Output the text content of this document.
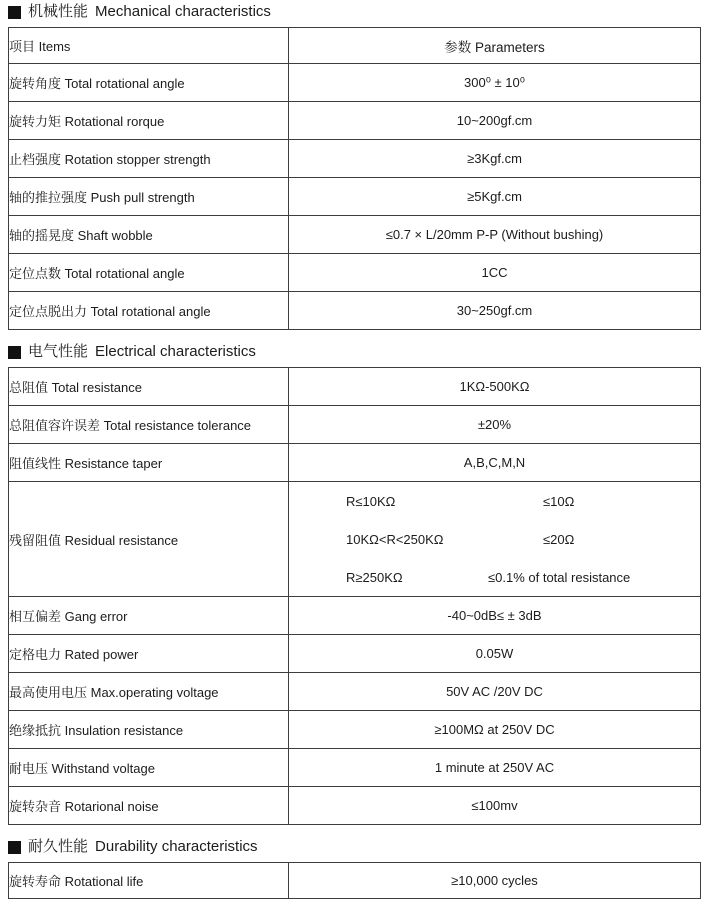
机械性能 Mechanical characteristics
项目 Items	参数 Parameters
旋转角度 Total rotational angle	300⁰ ± 10⁰
旋转力矩 Rotational rorque	10~200gf.cm
止档强度 Rotation stopper strength	≥3Kgf.cm
轴的推拉强度 Push pull strength	≥5Kgf.cm
轴的摇晃度 Shaft wobble	≤0.7 × L/20mm P-P (Without bushing)
定位点数 Total rotational angle	1CC
定位点脱出力 Total rotational angle	30~250gf.cm
电气性能 Electrical characteristics
总阻值 Total resistance	1KΩ-500KΩ
总阻值容许误差 Total resistance tolerance	±20%
阻值线性 Resistance taper	A,B,C,M,N
残留阻值 Residual resistance	
R≤10KΩ	≤10Ω
10KΩ<R<250KΩ	≤20Ω
R≥250KΩ	≤0.1% of total resistance

相互偏差 Gang error	-40~0dB≤ ± 3dB
定格电力 Rated power	0.05W
最高使用电压 Max.operating voltage	50V AC /20V DC
绝缘抵抗 Insulation resistance	≥100MΩ at 250V DC
耐电压 Withstand voltage	1 minute at 250V AC
旋转杂音 Rotarional noise	≤100mv
耐久性能 Durability characteristics
旋转寿命 Rotational life	≥10,000 cycles
